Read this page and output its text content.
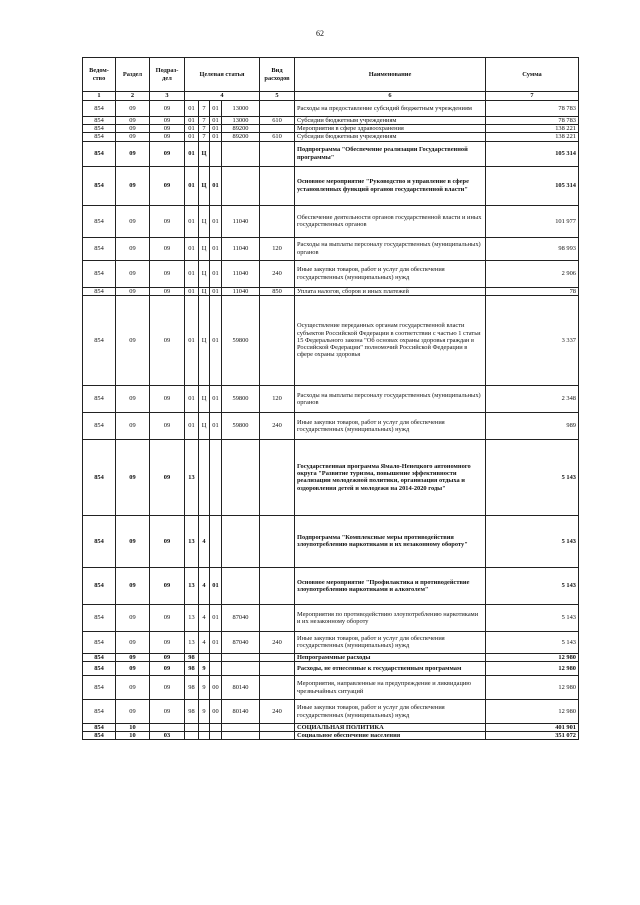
62
Ведом-ство	Раздел	Подраз-дел	Целевая статья				Вид расходов	Наименование	Сумма
1	2	3	4				5	6	7
854	09	09	01	7	01	13000		Расходы на предоставление субсидий бюджетным учреждениям	78 783
854	09	09	01	7	01	13000	610	Субсидии бюджетным учреждениям	78 783
854	09	09	01	7	01	89200		Мероприятия в сфере здравоохранения	138 221
854	09	09	01	7	01	89200	610	Субсидии бюджетным учреждениям	138 221
854	09	09	01	Ц				Подпрограмма "Обеспечение реализации Государственной программы"	105 314
854	09	09	01	Ц	01			Основное мероприятие "Руководство и управление в сфере установленных функций органов государственной власти"	105 314
854	09	09	01	Ц	01	11040		Обеспечение деятельности органов государственной власти и иных государственных органов	101 977
854	09	09	01	Ц	01	11040	120	Расходы на выплаты персоналу государственных (муниципальных) органов	98 993
854	09	09	01	Ц	01	11040	240	Иные закупки товаров, работ и услуг для обеспечения государственных (муниципальных) нужд	2 906
854	09	09	01	Ц	01	11040	850	Уплата налогов, сборов и иных платежей	78
854	09	09	01	Ц	01	59800		Осуществление переданных органам государственной власти субъектов Российской Федерации в соответствии с частью 1 статьи 15 Федерального закона "Об основах охраны здоровья граждан в Российской Федерации" полномочий Российской Федерации в сфере охраны здоровья	3 337
854	09	09	01	Ц	01	59800	120	Расходы на выплаты персоналу государственных (муниципальных) органов	2 348
854	09	09	01	Ц	01	59800	240	Иные закупки товаров, работ и услуг для обеспечения государственных (муниципальных) нужд	989
854	09	09	13					Государственная программа Ямало-Ненецкого автономного округа "Развитие туризма, повышение эффективности реализации молодежной политики, организация отдыха и оздоровления детей и молодежи на 2014-2020 годы"	5 143
854	09	09	13	4				Подпрограмма "Комплексные меры противодействия злоупотреблению наркотиками и их незаконному обороту"	5 143
854	09	09	13	4	01			Основное мероприятие "Профилактика и противодействие злоупотреблению наркотиками и алкоголем"	5 143
854	09	09	13	4	01	87040		Мероприятия по противодействию злоупотреблению наркотиками и их незаконному обороту	5 143
854	09	09	13	4	01	87040	240	Иные закупки товаров, работ и услуг для обеспечения государственных (муниципальных) нужд	5 143
854	09	09	98					Непрограммные расходы	12 980
854	09	09	98	9				Расходы, не отнесенные к государственным программам	12 980
854	09	09	98	9	00	80140		Мероприятия, направленные на предупреждение и ликвидацию чрезвычайных ситуаций	12 980
854	09	09	98	9	00	80140	240	Иные закупки товаров, работ и услуг для обеспечения государственных (муниципальных) нужд	12 980
854	10							СОЦИАЛЬНАЯ ПОЛИТИКА	401 901
854	10	03						Социальное обеспечение населения	351 072
